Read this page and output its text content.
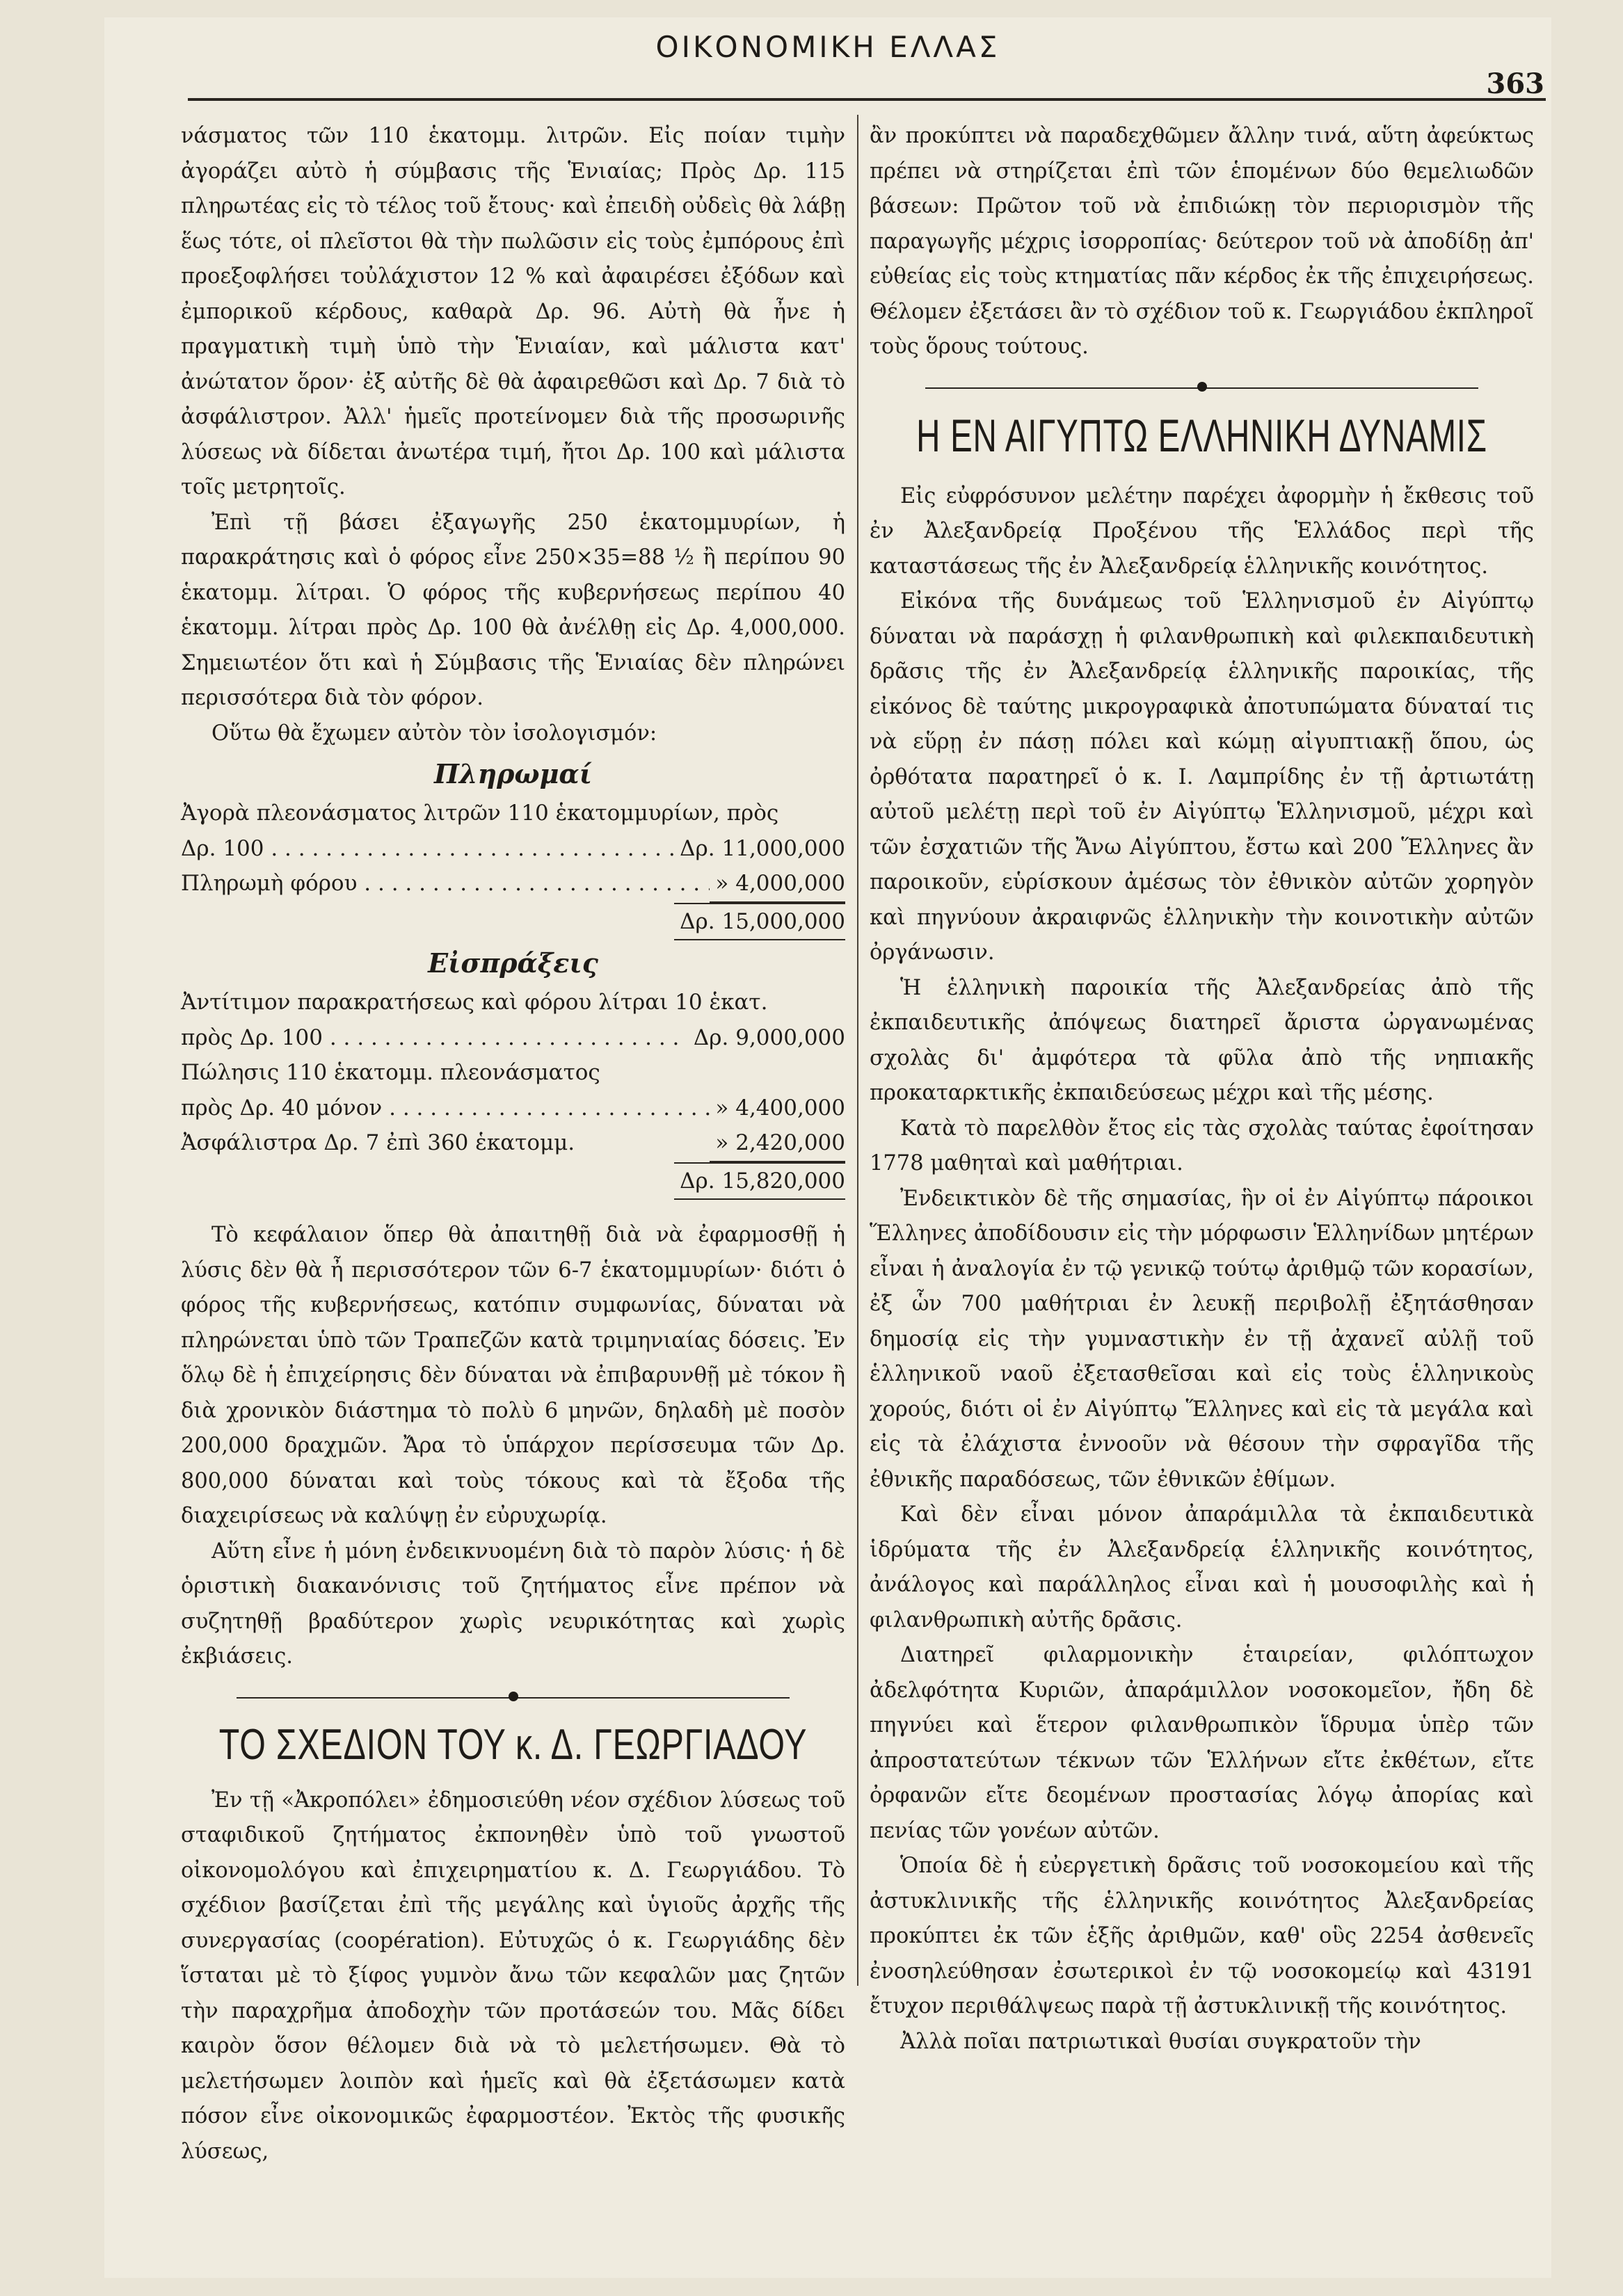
ΟΙΚΟΝΟΜΙΚΗ ΕΛΛΑΣ
363

νάσματος τῶν 110 ἑκατομμ. λιτρῶν. Εἰς ποίαν τιμὴν ἀγοράζει αὐτὸ ἡ σύμβασις τῆς Ἑνιαίας; Πρὸς Δρ. 115 πληρωτέας εἰς τὸ τέλος τοῦ ἔτους· καὶ ἐπειδὴ οὐδεὶς θὰ λάβῃ ἕως τότε, οἱ πλεῖστοι θὰ τὴν πωλῶσιν εἰς τοὺς ἐμπόρους ἐπὶ προεξοφλήσει τοὐλάχιστον 12 % καὶ ἀφαιρέσει ἐξόδων καὶ ἐμπορικοῦ κέρδους, καθαρὰ Δρ. 96. Αὐτὴ θὰ ἦνε ἡ πραγματικὴ τιμὴ ὑπὸ τὴν Ἑνιαίαν, καὶ μάλιστα κατ' ἀνώτατον ὅρον· ἐξ αὐτῆς δὲ θὰ ἀφαιρεθῶσι καὶ Δρ. 7 διὰ τὸ ἀσφάλιστρον. Ἀλλ' ἡμεῖς προτείνομεν διὰ τῆς προσωρινῆς λύσεως νὰ δίδεται ἀνωτέρα τιμή, ἤτοι Δρ. 100 καὶ μάλιστα τοῖς μετρητοῖς.

Ἐπὶ τῇ βάσει ἐξαγωγῆς 250 ἑκατομμυρίων, ἡ παρακράτησις καὶ ὁ φόρος εἶνε 250×35=88 ½ ἢ περίπου 90 ἑκατομμ. λίτραι. Ὁ φόρος τῆς κυβερνήσεως περίπου 40 ἑκατομμ. λίτραι πρὸς Δρ. 100 θὰ ἀνέλθῃ εἰς Δρ. 4,000,000. Σημειωτέον ὅτι καὶ ἡ Σύμβασις τῆς Ἑνιαίας δὲν πληρώνει περισσότερα διὰ τὸν φόρον.

Οὕτω θὰ ἔχωμεν αὐτὸν τὸν ἰσολογισμόν:

Πληρωμαί
Ἀγορὰ πλεονάσματος λιτρῶν 110 ἑκατομμυρίων, πρὸς
Δρ. 100 . . .	Δρ. 11,000,000
Πληρωμὴ φόρου . . .	» 4,000,000
Δρ. 15,000,000
Εἰσπράξεις
Ἀντίτιμον παρακρατήσεως καὶ φόρου λίτραι 10 ἑκατ.
πρὸς Δρ. 100 . . .	Δρ. 9,000,000
Πώλησις 110 ἑκατομμ. πλεονάσματος
πρὸς Δρ. 40 μόνον . . .	» 4,400,000
Ἀσφάλιστρα Δρ. 7 ἐπὶ 360 ἑκατομμ.	» 2,420,000
Δρ. 15,820,000

Τὸ κεφάλαιον ὅπερ θὰ ἀπαιτηθῇ διὰ νὰ ἐφαρμοσθῇ ἡ λύσις δὲν θὰ ἦ περισσότερον τῶν 6-7 ἑκατομμυρίων· διότι ὁ φόρος τῆς κυβερνήσεως, κατόπιν συμφωνίας, δύναται νὰ πληρώνεται ὑπὸ τῶν Τραπεζῶν κατὰ τριμηνιαίας δόσεις. Ἐν ὅλῳ δὲ ἡ ἐπιχείρησις δὲν δύναται νὰ ἐπιβαρυνθῇ μὲ τόκον ἢ διὰ χρονικὸν διάστημα τὸ πολὺ 6 μηνῶν, δηλαδὴ μὲ ποσὸν 200,000 δραχμῶν. Ἄρα τὸ ὑπάρχον περίσσευμα τῶν Δρ. 800,000 δύναται καὶ τοὺς τόκους καὶ τὰ ἔξοδα τῆς διαχειρίσεως νὰ καλύψῃ ἐν εὐρυχωρίᾳ.

Αὕτη εἶνε ἡ μόνη ἐνδεικνυομένη διὰ τὸ παρὸν λύσις· ἡ δὲ ὁριστικὴ διακανόνισις τοῦ ζητήματος εἶνε πρέπον νὰ συζητηθῇ βραδύτερον χωρὶς νευρικότητας καὶ χωρὶς ἐκβιάσεις.

ΤΟ ΣΧΕΔΙΟΝ ΤΟΥ κ. Δ. ΓΕΩΡΓΙΑΔΟΥ

Ἐν τῇ «Ἀκροπόλει» ἐδημοσιεύθη νέον σχέδιον λύσεως τοῦ σταφιδικοῦ ζητήματος ἐκπονηθὲν ὑπὸ τοῦ γνωστοῦ οἰκονομολόγου καὶ ἐπιχειρηματίου κ. Δ. Γεωργιάδου. Τὸ σχέδιον βασίζεται ἐπὶ τῆς μεγάλης καὶ ὑγιοῦς ἀρχῆς τῆς συνεργασίας (coopération). Εὐτυχῶς ὁ κ. Γεωργιάδης δὲν ἵσταται μὲ τὸ ξίφος γυμνὸν ἄνω τῶν κεφαλῶν μας ζητῶν τὴν παραχρῆμα ἀποδοχὴν τῶν προτάσεών του. Μᾶς δίδει καιρὸν ὅσον θέλομεν διὰ νὰ τὸ μελετήσωμεν. Θὰ τὸ μελετήσωμεν λοιπὸν καὶ ἡμεῖς καὶ θὰ ἐξετάσωμεν κατὰ πόσον εἶνε οἰκονομικῶς ἐφαρμοστέον. Ἐκτὸς τῆς φυσικῆς λύσεως,

ἂν προκύπτει νὰ παραδεχθῶμεν ἄλλην τινά, αὕτη ἀφεύκτως πρέπει νὰ στηρίζεται ἐπὶ τῶν ἑπομένων δύο θεμελιωδῶν βάσεων: Πρῶτον τοῦ νὰ ἐπιδιώκῃ τὸν περιορισμὸν τῆς παραγωγῆς μέχρις ἰσορροπίας· δεύτερον τοῦ νὰ ἀποδίδῃ ἀπ' εὐθείας εἰς τοὺς κτηματίας πᾶν κέρδος ἐκ τῆς ἐπιχειρήσεως. Θέλομεν ἐξετάσει ἂν τὸ σχέδιον τοῦ κ. Γεωργιάδου ἐκπληροῖ τοὺς ὅρους τούτους.

Η ΕΝ ΑΙΓΥΠΤΩ ΕΛΛΗΝΙΚΗ ΔΥΝΑΜΙΣ

Εἰς εὐφρόσυνον μελέτην παρέχει ἀφορμὴν ἡ ἔκθεσις τοῦ ἐν Ἀλεξανδρείᾳ Προξένου τῆς Ἑλλάδος περὶ τῆς καταστάσεως τῆς ἐν Ἀλεξανδρείᾳ ἑλληνικῆς κοινότητος.

Εἰκόνα τῆς δυνάμεως τοῦ Ἑλληνισμοῦ ἐν Αἰγύπτῳ δύναται νὰ παράσχῃ ἡ φιλανθρωπικὴ καὶ φιλεκπαιδευτικὴ δρᾶσις τῆς ἐν Ἀλεξανδρείᾳ ἑλληνικῆς παροικίας, τῆς εἰκόνος δὲ ταύτης μικρογραφικὰ ἀποτυπώματα δύναταί τις νὰ εὕρῃ ἐν πάσῃ πόλει καὶ κώμῃ αἰγυπτιακῇ ὅπου, ὡς ὀρθότατα παρατηρεῖ ὁ κ. Ι. Λαμπρίδης ἐν τῇ ἀρτιωτάτῃ αὐτοῦ μελέτῃ περὶ τοῦ ἐν Αἰγύπτῳ Ἑλληνισμοῦ, μέχρι καὶ τῶν ἐσχατιῶν τῆς Ἄνω Αἰγύπτου, ἔστω καὶ 200 Ἕλληνες ἂν παροικοῦν, εὑρίσκουν ἀμέσως τὸν ἐθνικὸν αὐτῶν χορηγὸν καὶ πηγνύουν ἀκραιφνῶς ἑλληνικὴν τὴν κοινοτικὴν αὐτῶν ὀργάνωσιν.

Ἡ ἑλληνικὴ παροικία τῆς Ἀλεξανδρείας ἀπὸ τῆς ἐκπαιδευτικῆς ἀπόψεως διατηρεῖ ἄριστα ὠργανωμένας σχολὰς δι' ἀμφότερα τὰ φῦλα ἀπὸ τῆς νηπιακῆς προκαταρκτικῆς ἐκπαιδεύσεως μέχρι καὶ τῆς μέσης.

Κατὰ τὸ παρελθὸν ἔτος εἰς τὰς σχολὰς ταύτας ἐφοίτησαν 1778 μαθηταὶ καὶ μαθήτριαι.

Ἐνδεικτικὸν δὲ τῆς σημασίας, ἣν οἱ ἐν Αἰγύπτῳ πάροικοι Ἕλληνες ἀποδίδουσιν εἰς τὴν μόρφωσιν Ἑλληνίδων μητέρων εἶναι ἡ ἀναλογία ἐν τῷ γενικῷ τούτῳ ἀριθμῷ τῶν κορασίων, ἐξ ὧν 700 μαθήτριαι ἐν λευκῇ περιβολῇ ἐξητάσθησαν δημοσίᾳ εἰς τὴν γυμναστικὴν ἐν τῇ ἀχανεῖ αὐλῇ τοῦ ἑλληνικοῦ ναοῦ ἐξετασθεῖσαι καὶ εἰς τοὺς ἑλληνικοὺς χορούς, διότι οἱ ἐν Αἰγύπτῳ Ἕλληνες καὶ εἰς τὰ μεγάλα καὶ εἰς τὰ ἐλάχιστα ἐννοοῦν νὰ θέσουν τὴν σφραγῖδα τῆς ἐθνικῆς παραδόσεως, τῶν ἐθνικῶν ἐθίμων.

Καὶ δὲν εἶναι μόνον ἀπαράμιλλα τὰ ἐκπαιδευτικὰ ἱδρύματα τῆς ἐν Ἀλεξανδρείᾳ ἑλληνικῆς κοινότητος, ἀνάλογος καὶ παράλληλος εἶναι καὶ ἡ μουσοφιλὴς καὶ ἡ φιλανθρωπικὴ αὐτῆς δρᾶσις.

Διατηρεῖ φιλαρμονικὴν ἑταιρείαν, φιλόπτωχον ἀδελφότητα Κυριῶν, ἀπαράμιλλον νοσοκομεῖον, ἤδη δὲ πηγνύει καὶ ἕτερον φιλανθρωπικὸν ἵδρυμα ὑπὲρ τῶν ἀπροστατεύτων τέκνων τῶν Ἑλλήνων εἴτε ἐκθέτων, εἴτε ὀρφανῶν εἴτε δεομένων προστασίας λόγῳ ἀπορίας καὶ πενίας τῶν γονέων αὐτῶν.

Ὁποία δὲ ἡ εὐεργετικὴ δρᾶσις τοῦ νοσοκομείου καὶ τῆς ἀστυκλινικῆς τῆς ἑλληνικῆς κοινότητος Ἀλεξανδρείας προκύπτει ἐκ τῶν ἑξῆς ἀριθμῶν, καθ' οὓς 2254 ἀσθενεῖς ἐνοσηλεύθησαν ἐσωτερικοὶ ἐν τῷ νοσοκομείῳ καὶ 43191 ἔτυχον περιθάλψεως παρὰ τῇ ἀστυκλινικῇ τῆς κοινότητος.

Ἀλλὰ ποῖαι πατριωτικαὶ θυσίαι συγκρατοῦν τὴν
